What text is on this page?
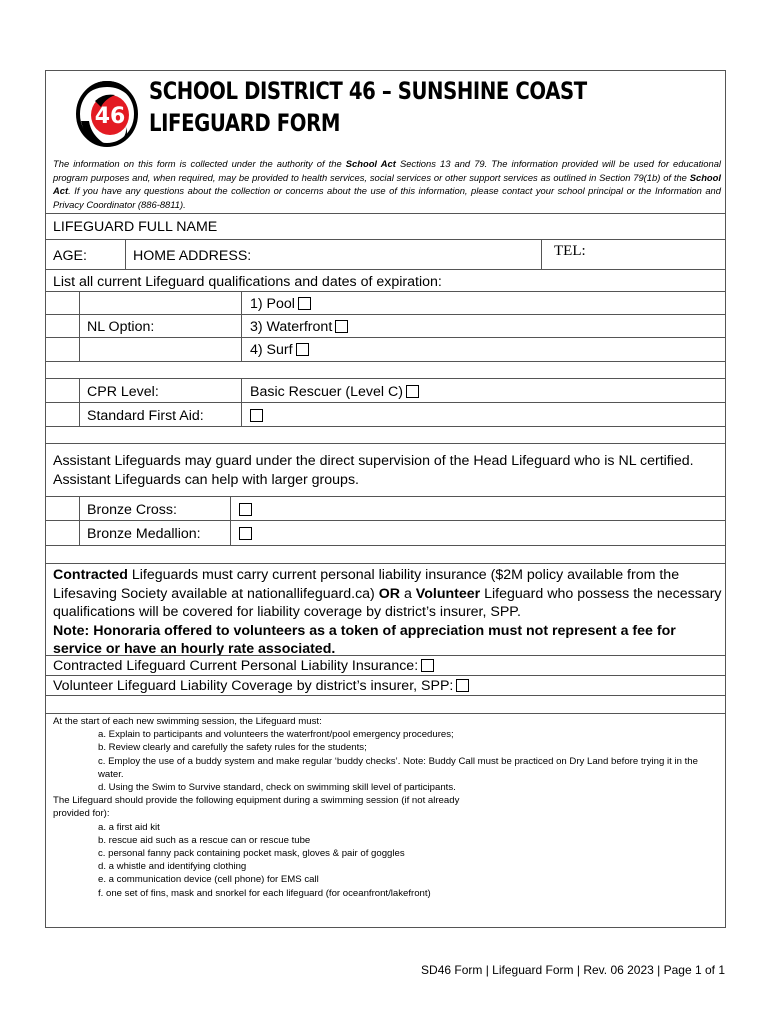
46
SCHOOL DISTRICT 46 – SUNSHINE COAST
LIFEGUARD FORM
The information on this form is collected under the authority of the School Act Sections 13 and 79. The information provided will be used for educational program purposes and, when required, may be provided to health services, social services or other support services as outlined in Section 79(1b) of the School Act. If you have any questions about the collection or concerns about the use of this information, please contact your school principal or the Information and Privacy Coordinator (886-8811).
LIFEGUARD FULL NAME
AGE:	HOME ADDRESS:	TEL:
List all current Lifeguard qualifications and dates of expiration:
1) Pool
NL Option:	3) Waterfront
4) Surf
CPR Level:	Basic Rescuer (Level C)
Standard First Aid:
Assistant Lifeguards may guard under the direct supervision of the Head Lifeguard who is NL certified. Assistant Lifeguards can help with larger groups.
Bronze Cross:
Bronze Medallion:
Contracted Lifeguards must carry current personal liability insurance ($2M policy available from the Lifesaving Society available at nationallifeguard.ca) OR a Volunteer Lifeguard who possess the necessary qualifications will be covered for liability coverage by district’s insurer, SPP.
Note: Honoraria offered to volunteers as a token of appreciation must not represent a fee for service or have an hourly rate associated.
Contracted Lifeguard Current Personal Liability Insurance:
Volunteer Lifeguard Liability Coverage by district’s insurer, SPP:
At the start of each new swimming session, the Lifeguard must:
a. Explain to participants and volunteers the waterfront/pool emergency procedures;
b. Review clearly and carefully the safety rules for the students;
c. Employ the use of a buddy system and make regular ‘buddy checks’. Note: Buddy Call must be practiced on Dry Land before trying it in the water.
d. Using the Swim to Survive standard, check on swimming skill level of participants.
The Lifeguard should provide the following equipment during a swimming session (if not already provided for):
a. a first aid kit
b. rescue aid such as a rescue can or rescue tube
c. personal fanny pack containing pocket mask, gloves & pair of goggles
d. a whistle and identifying clothing
e. a communication device (cell phone) for EMS call
f. one set of fins, mask and snorkel for each lifeguard (for oceanfront/lakefront)
SD46 Form | Lifeguard Form | Rev. 06 2023 | Page 1 of 1
